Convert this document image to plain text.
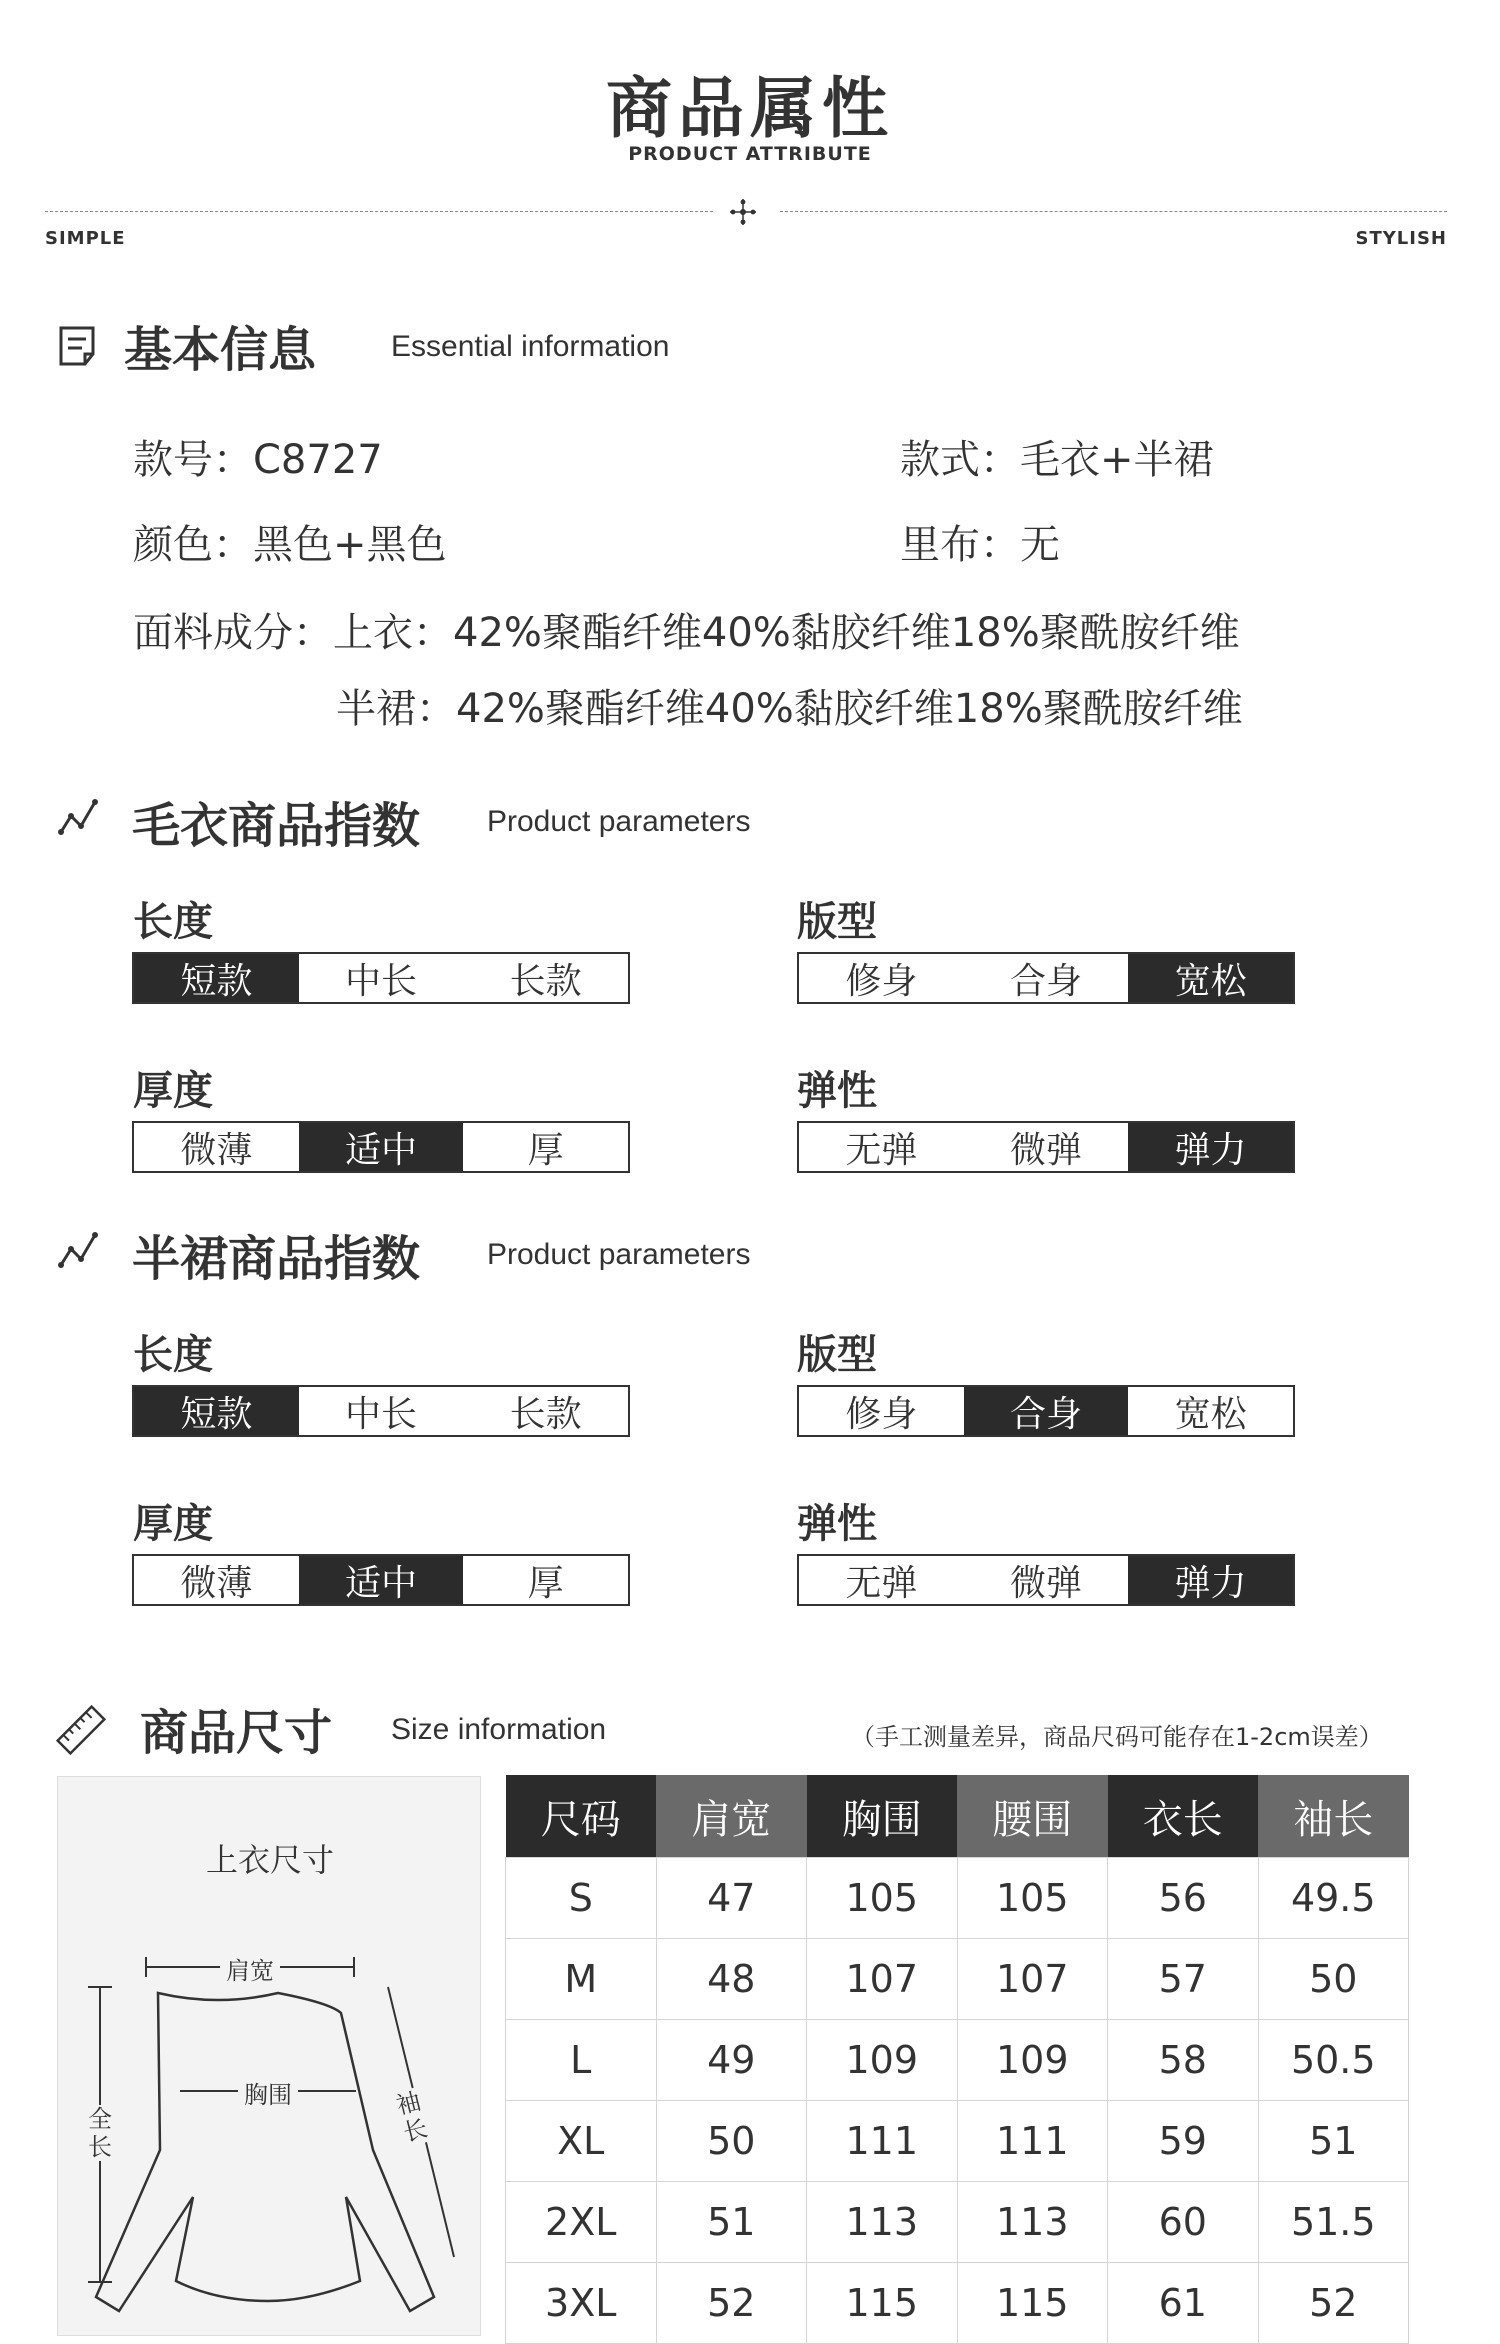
商品属性
PRODUCT ATTRIBUTE
SIMPLE	STYLISH
基本信息 Essential information
款号：C8727	款式：毛衣+半裙
颜色：黑色+黑色	里布：无
面料成分：上衣：42%聚酯纤维40%黏胶纤维18%聚酰胺纤维
半裙：42%聚酯纤维40%黏胶纤维18%聚酰胺纤维
毛衣商品指数 Product parameters
长度
短款	中长	长款
版型
修身	合身	宽松
厚度
微薄	适中	厚
弹性
无弹	微弹	弹力
半裙商品指数 Product parameters
长度
短款	中长	长款
版型
修身	合身	宽松
厚度
微薄	适中	厚
弹性
无弹	微弹	弹力
商品尺寸 Size information	（手工测量差异，商品尺码可能存在1-2cm误差）
上衣尺寸
肩宽
胸围
全长
袖长
尺码	肩宽	胸围	腰围	衣长	袖长
S	47	105	105	56	49.5
M	48	107	107	57	50
L	49	109	109	58	50.5
XL	50	111	111	59	51
2XL	51	113	113	60	51.5
3XL	52	115	115	61	52
